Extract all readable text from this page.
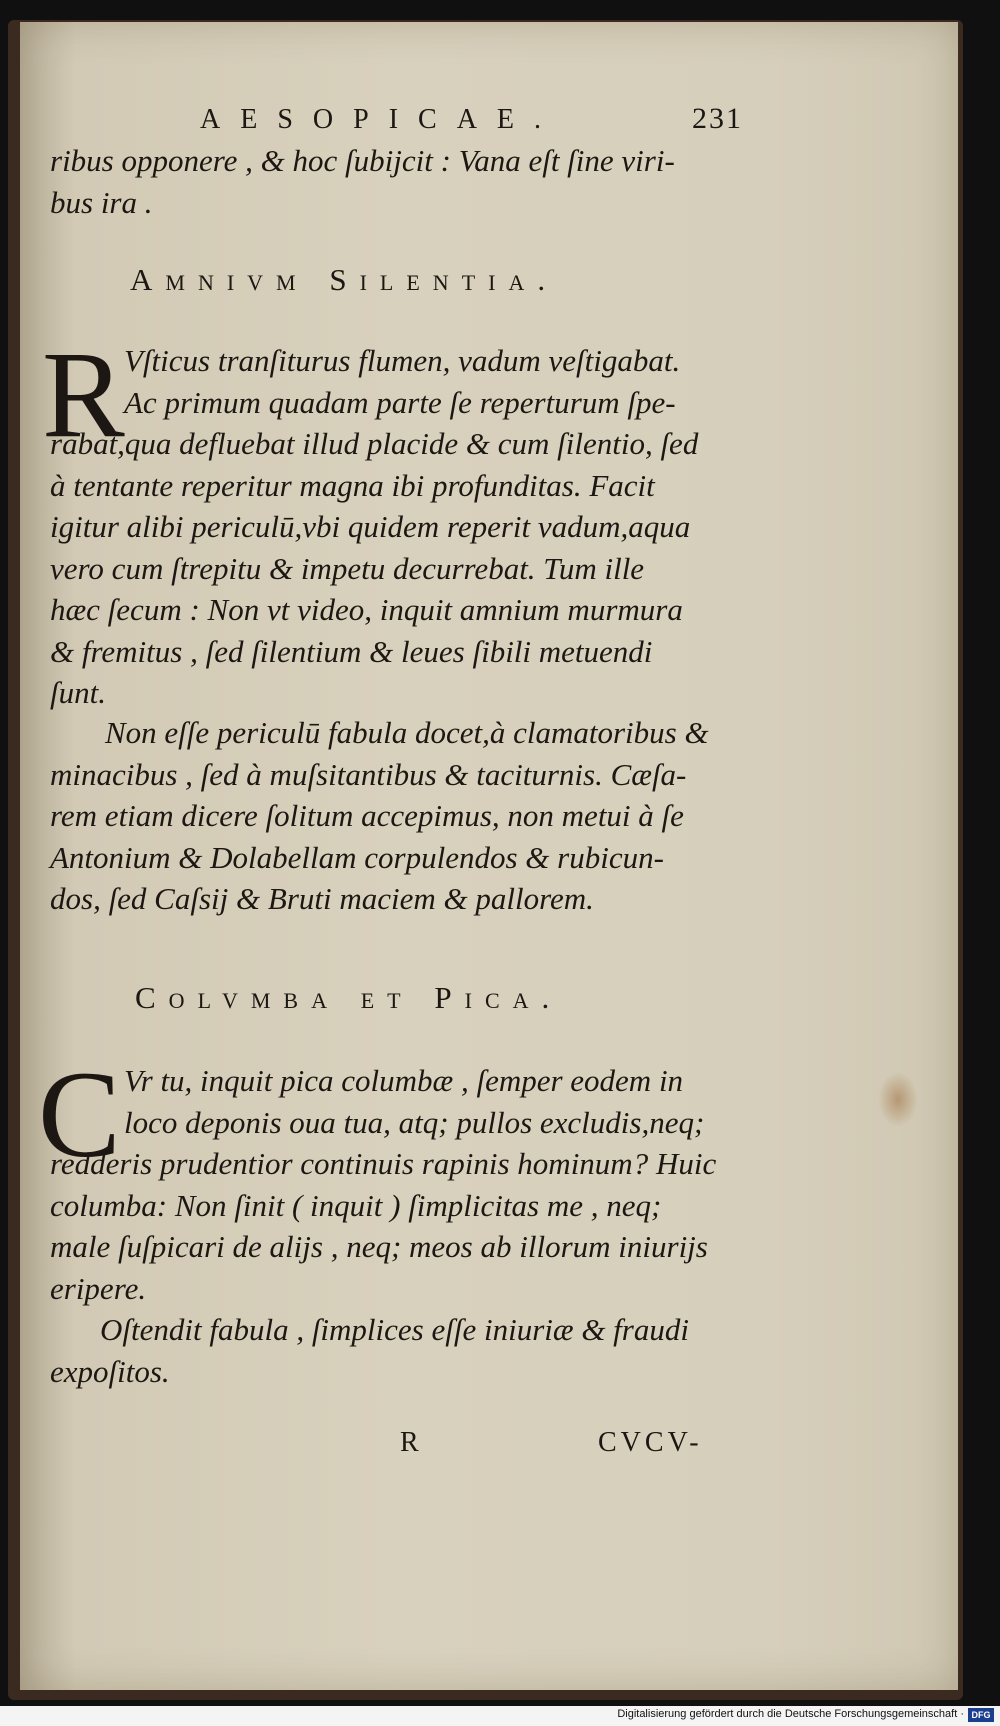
AESOPICAE.	231
ribus opponere , & hoc ſubijcit : Vana eſt ſine viri-
bus ira .
Amnivm Silentia.
R Vſticus tranſiturus flumen, vadum veſtigabat.
Ac primum quadam parte ſe reperturum ſpe-
rabat,qua defluebat illud placide & cum ſilentio, ſed
à tentante reperitur magna ibi profunditas. Facit
igitur alibi periculū,vbi quidem reperit vadum,aqua
vero cum ſtrepitu & impetu decurrebat. Tum ille
hæc ſecum : Non vt video, inquit amnium murmura
& fremitus , ſed ſilentium & leues ſibili metuendi
ſunt.
Non eſſe periculū fabula docet,à clamatoribus &
minacibus , ſed à muſsitantibus & taciturnis. Cæſa-
rem etiam dicere ſolitum accepimus, non metui à ſe
Antonium & Dolabellam corpulendos & rubicun-
dos, ſed Caſsij & Bruti maciem & pallorem.
Colvmba et Pica.
C Vr tu, inquit pica columbæ , ſemper eodem in
loco deponis oua tua, atq; pullos excludis,neq;
redderis prudentior continuis rapinis hominum? Huic
columba: Non ſinit ( inquit ) ſimplicitas me , neq;
male ſuſpicari de alijs , neq; meos ab illorum iniurijs
eripere.
Oſtendit fabula , ſimplices eſſe iniuriæ & fraudi
expoſitos.
R	CVCV-
Digitalisierung gefördert durch die Deutsche Forschungsgemeinschaft · DFG
